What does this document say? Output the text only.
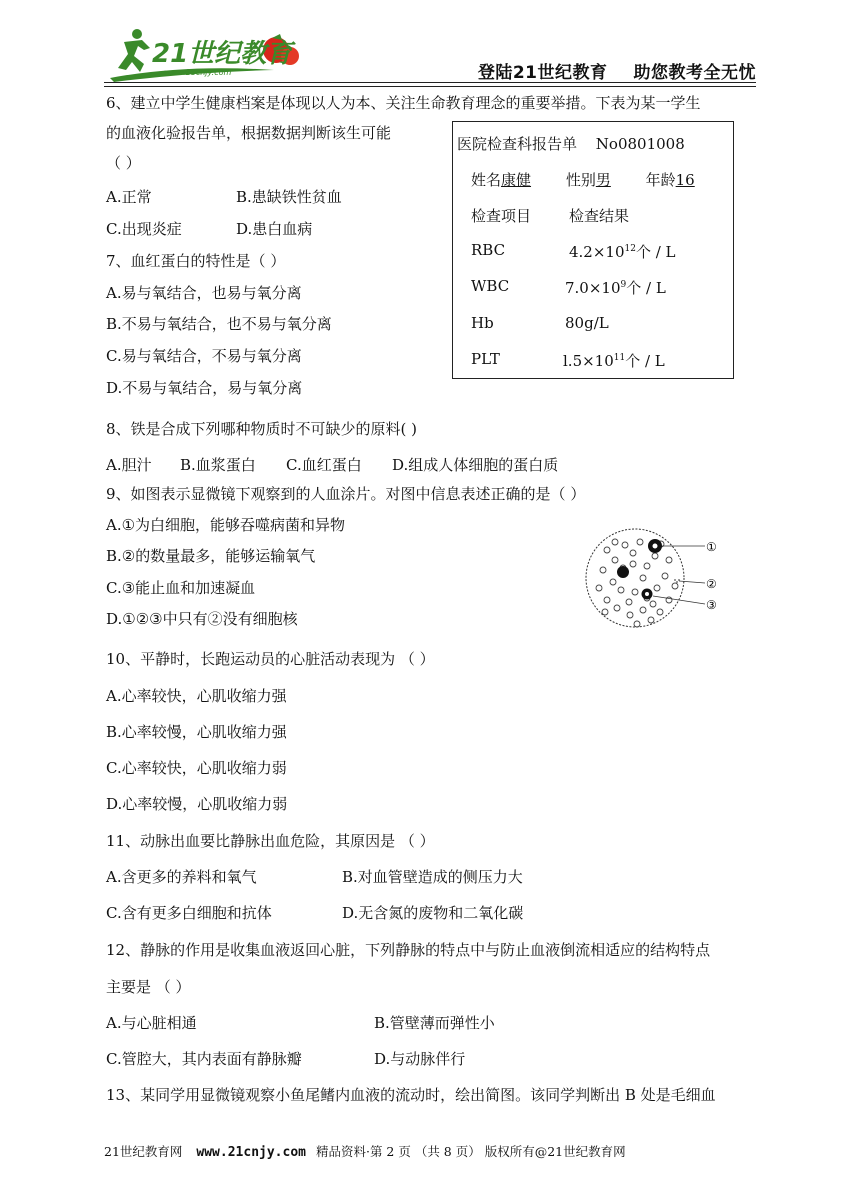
21世纪教育
www.21cnjy.com	登陆21世纪教育 助您教考全无忧
6、建立中学生健康档案是体现以人为本、关注生命教育理念的重要举措。下表为某一学生
的血液化验报告单，根据数据判断该生可能
（ ）
A.正常	B.患缺铁性贫血
C.出现炎症	D.患白血病
医院检查科报告单 No0801008
姓名康健 性别男 年龄16
检查项目	检查结果
RBC	$4.2\times 10^{12}$个 / L
WBC	$7.0\times 10^9$个 / L
Hb	80g/L
PLT	$l.5\times 10^{11}$个 / L
7、血红蛋白的特性是（ ）
A.易与氧结合，也易与氧分离
B.不易与氧结合，也不易与氧分离
C.易与氧结合，不易与氧分离
D.不易与氧结合，易与氧分离
8、铁是合成下列哪种物质时不可缺少的原料( )
A.胆汁 B.血浆蛋白 C.血红蛋白 D.组成人体细胞的蛋白质
9、如图表示显微镜下观察到的人血涂片。对图中信息表述正确的是（ ）
A.①为白细胞，能够吞噬病菌和异物
B.②的数量最多，能够运输氧气
C.③能止血和加速凝血
D.①②③中只有②没有细胞核
①
②
③
10、平静时，长跑运动员的心脏活动表现为 （ ）
A.心率较快，心肌收缩力强
B.心率较慢，心肌收缩力强
C.心率较快，心肌收缩力弱
D.心率较慢，心肌收缩力弱
11、动脉出血要比静脉出血危险，其原因是 （ ）
A.含更多的养料和氧气	B.对血管壁造成的侧压力大
C.含有更多白细胞和抗体	D.无含氮的废物和二氧化碳
12、静脉的作用是收集血液返回心脏，下列静脉的特点中与防止血液倒流相适应的结构特点
主要是 （ ）
A.与心脏相通	B.管壁薄而弹性小
C.管腔大，其内表面有静脉瓣	D.与动脉伴行
13、某同学用显微镜观察小鱼尾鳍内血液的流动时，绘出简图。该同学判断出 B 处是毛细血
21世纪教育网 www.21cnjy.com 精品资料·第 2 页 （共 8 页） 版权所有@21世纪教育网
